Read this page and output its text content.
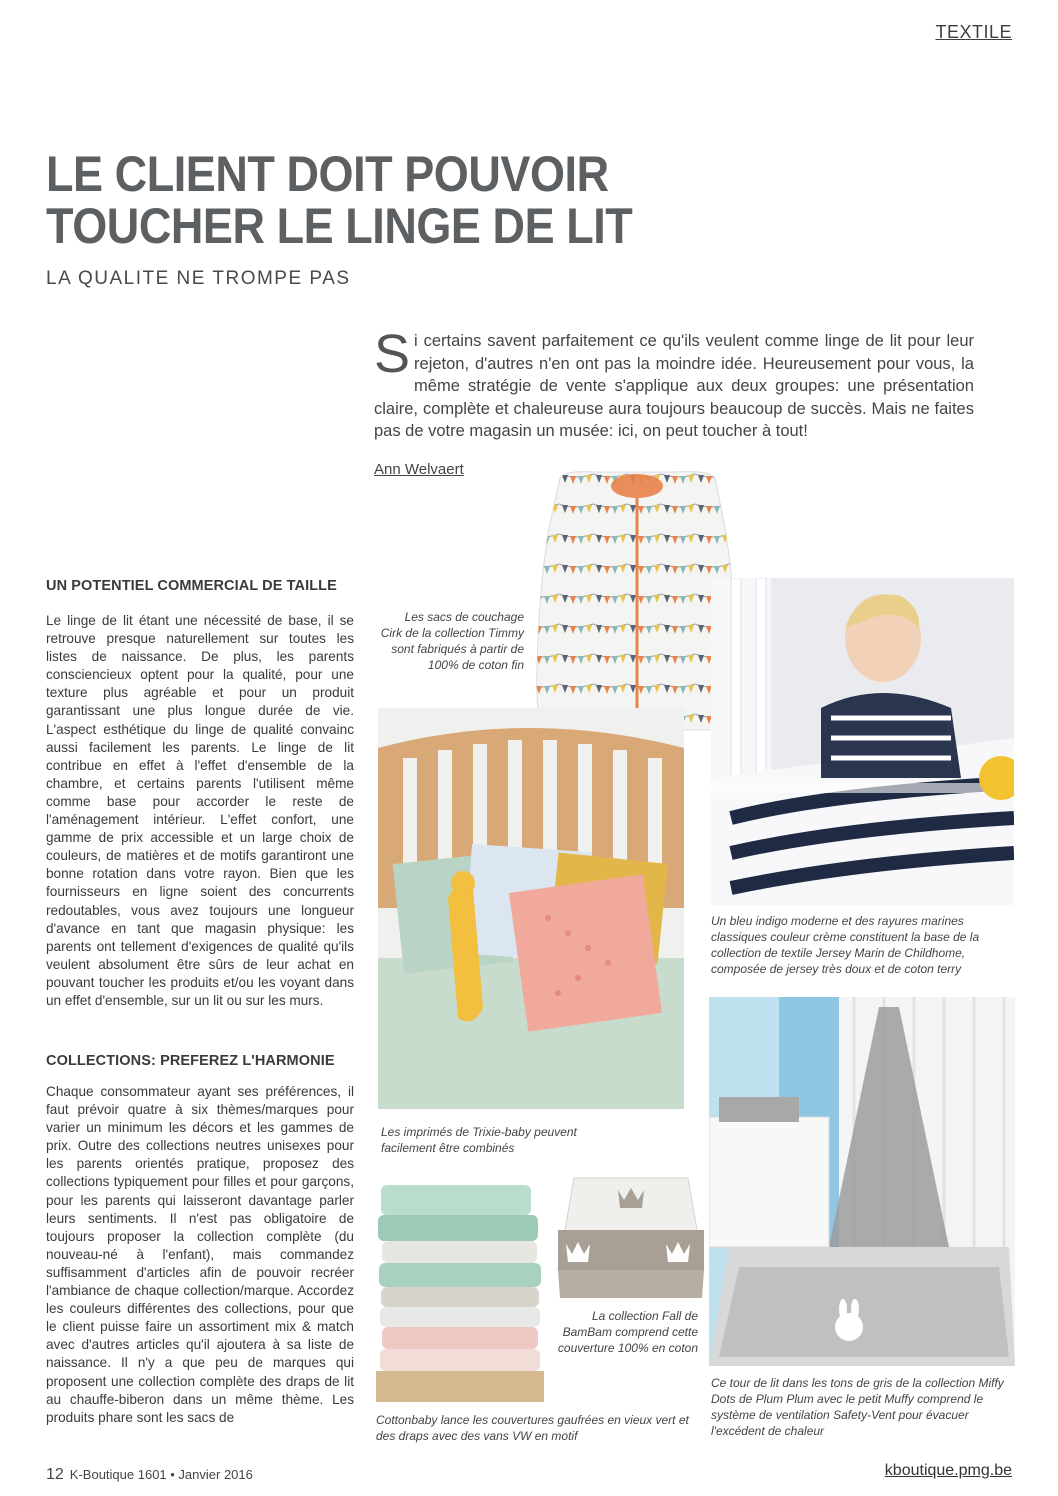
TEXTILE
LE CLIENT DOIT POUVOIR
TOUCHER LE LINGE DE LIT
LA QUALITE NE TROMPE PAS
Si certains savent parfaitement ce qu'ils veulent comme linge de lit pour leur rejeton, d'autres n'en ont pas la moindre idée. Heureusement pour vous, la même stratégie de vente s'applique aux deux groupes: une présentation claire, complète et chaleureuse aura toujours beaucoup de succès. Mais ne faites pas de votre magasin un musée: ici, on peut toucher à tout!
Ann Welvaert
Les sacs de couchage Cirk de la collection Timmy sont fabriqués à partir de 100% de coton fin
Un bleu indigo moderne et des rayures marines classiques couleur crème constituent la base de la collection de textile Jersey Marin de Childhome, composée de jersey très doux et de coton terry
Les imprimés de Trixie-baby peuvent facilement être combinés
La collection Fall de BamBam comprend cette couverture 100% en coton
Ce tour de lit dans les tons de gris de la collection Miffy Dots de Plum Plum avec le petit Muffy comprend le système de ventilation Safety-Vent pour évacuer l'excédent de chaleur
Cottonbaby lance les couvertures gaufrées en vieux vert et des draps avec des vans VW en motif
UN POTENTIEL COMMERCIAL DE TAILLE
Le linge de lit étant une nécessité de base, il se retrouve presque naturellement sur toutes les listes de naissance. De plus, les parents consciencieux optent pour la qualité, pour une texture plus agréable et pour un produit garantissant une plus longue durée de vie. L'aspect esthétique du linge de qualité convainc aussi facilement les parents. Le linge de lit contribue en effet à l'effet d'ensemble de la chambre, et certains parents l'utilisent même comme base pour accorder le reste de l'aménagement intérieur. L'effet confort, une gamme de prix accessible et un large choix de couleurs, de matières et de motifs garantiront une bonne rotation dans votre rayon. Bien que les fournisseurs en ligne soient des concurrents redoutables, vous avez toujours une longueur d'avance en tant que magasin physique: les parents ont tellement d'exigences de qualité qu'ils veulent absolument être sûrs de leur achat en pouvant toucher les produits et/ou les voyant dans un effet d'ensemble, sur un lit ou sur les murs.
COLLECTIONS: PREFEREZ L'HARMONIE
Chaque consommateur ayant ses préférences, il faut prévoir quatre à six thèmes/marques pour varier un minimum les décors et les gammes de prix. Outre des collections neutres unisexes pour les parents orientés pratique, proposez des collections typiquement pour filles et pour garçons, pour les parents qui laisseront davantage parler leurs sentiments. Il n'est pas obligatoire de toujours proposer la collection complète (du nouveau-né à l'enfant), mais commandez suffisamment d'articles afin de pouvoir recréer l'ambiance de chaque collection/marque. Accordez les couleurs différentes des collections, pour que le client puisse faire un assortiment mix & match avec d'autres articles qu'il ajoutera à sa liste de naissance. Il n'y a que peu de marques qui proposent une collection complète des draps de lit au chauffe-biberon dans un même thème. Les produits phare sont les sacs de
12 K-Boutique 1601 • Janvier 2016	kboutique.pmg.be
